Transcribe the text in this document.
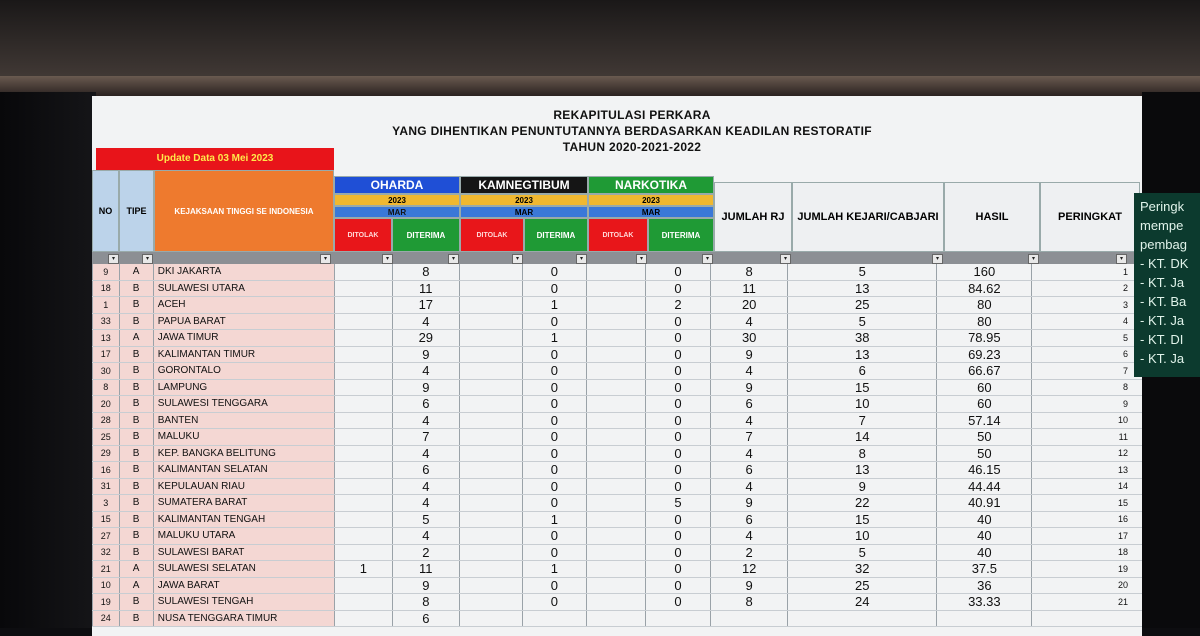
REKAPITULASI PERKARA
YANG DIHENTIKAN PENUNTUTANNYA BERDASARKAN KEADILAN RESTORATIF
TAHUN 2020-2021-2022
Update Data 03 Mei 2023
NO	TIPE	KEJAKSAAN TINGGI SE INDONESIA
OHARDA
2023
MAR
DITOLAK	DITERIMA
KAMNEGTIBUM
2023
MAR
DITOLAK	DITERIMA
NARKOTIKA
2023
MAR
DITOLAK	DITERIMA
JUMLAH RJ	JUMLAH KEJARI/CABJARI	HASIL	PERINGKAT
▾	▾	▾	▾	▾	▾	▾	▾	▾	▾	▾	▾	▾
9	A	DKI JAKARTA		8		0		0	8	5	160	1
18	B	SULAWESI UTARA		11		0		0	11	13	84.62	2
1	B	ACEH		17		1		2	20	25	80	3
33	B	PAPUA BARAT		4		0		0	4	5	80	4
13	A	JAWA TIMUR		29		1		0	30	38	78.95	5
17	B	KALIMANTAN TIMUR		9		0		0	9	13	69.23	6
30	B	GORONTALO		4		0		0	4	6	66.67	7
8	B	LAMPUNG		9		0		0	9	15	60	8
20	B	SULAWESI TENGGARA		6		0		0	6	10	60	9
28	B	BANTEN		4		0		0	4	7	57.14	10
25	B	MALUKU		7		0		0	7	14	50	11
29	B	KEP. BANGKA BELITUNG		4		0		0	4	8	50	12
16	B	KALIMANTAN SELATAN		6		0		0	6	13	46.15	13
31	B	KEPULAUAN RIAU		4		0		0	4	9	44.44	14
3	B	SUMATERA BARAT		4		0		5	9	22	40.91	15
15	B	KALIMANTAN TENGAH		5		1		0	6	15	40	16
27	B	MALUKU UTARA		4		0		0	4	10	40	17
32	B	SULAWESI BARAT		2		0		0	2	5	40	18
21	A	SULAWESI SELATAN	1	11		1		0	12	32	37.5	19
10	A	JAWA BARAT		9		0		0	9	25	36	20
19	B	SULAWESI TENGAH		8		0		0	8	24	33.33	21
24	B	NUSA TENGGARA TIMUR		6								
Peringk
mempe
pembag
- KT. DK
- KT. Ja
- KT. Ba
- KT. Ja
- KT. DI
- KT. Ja
